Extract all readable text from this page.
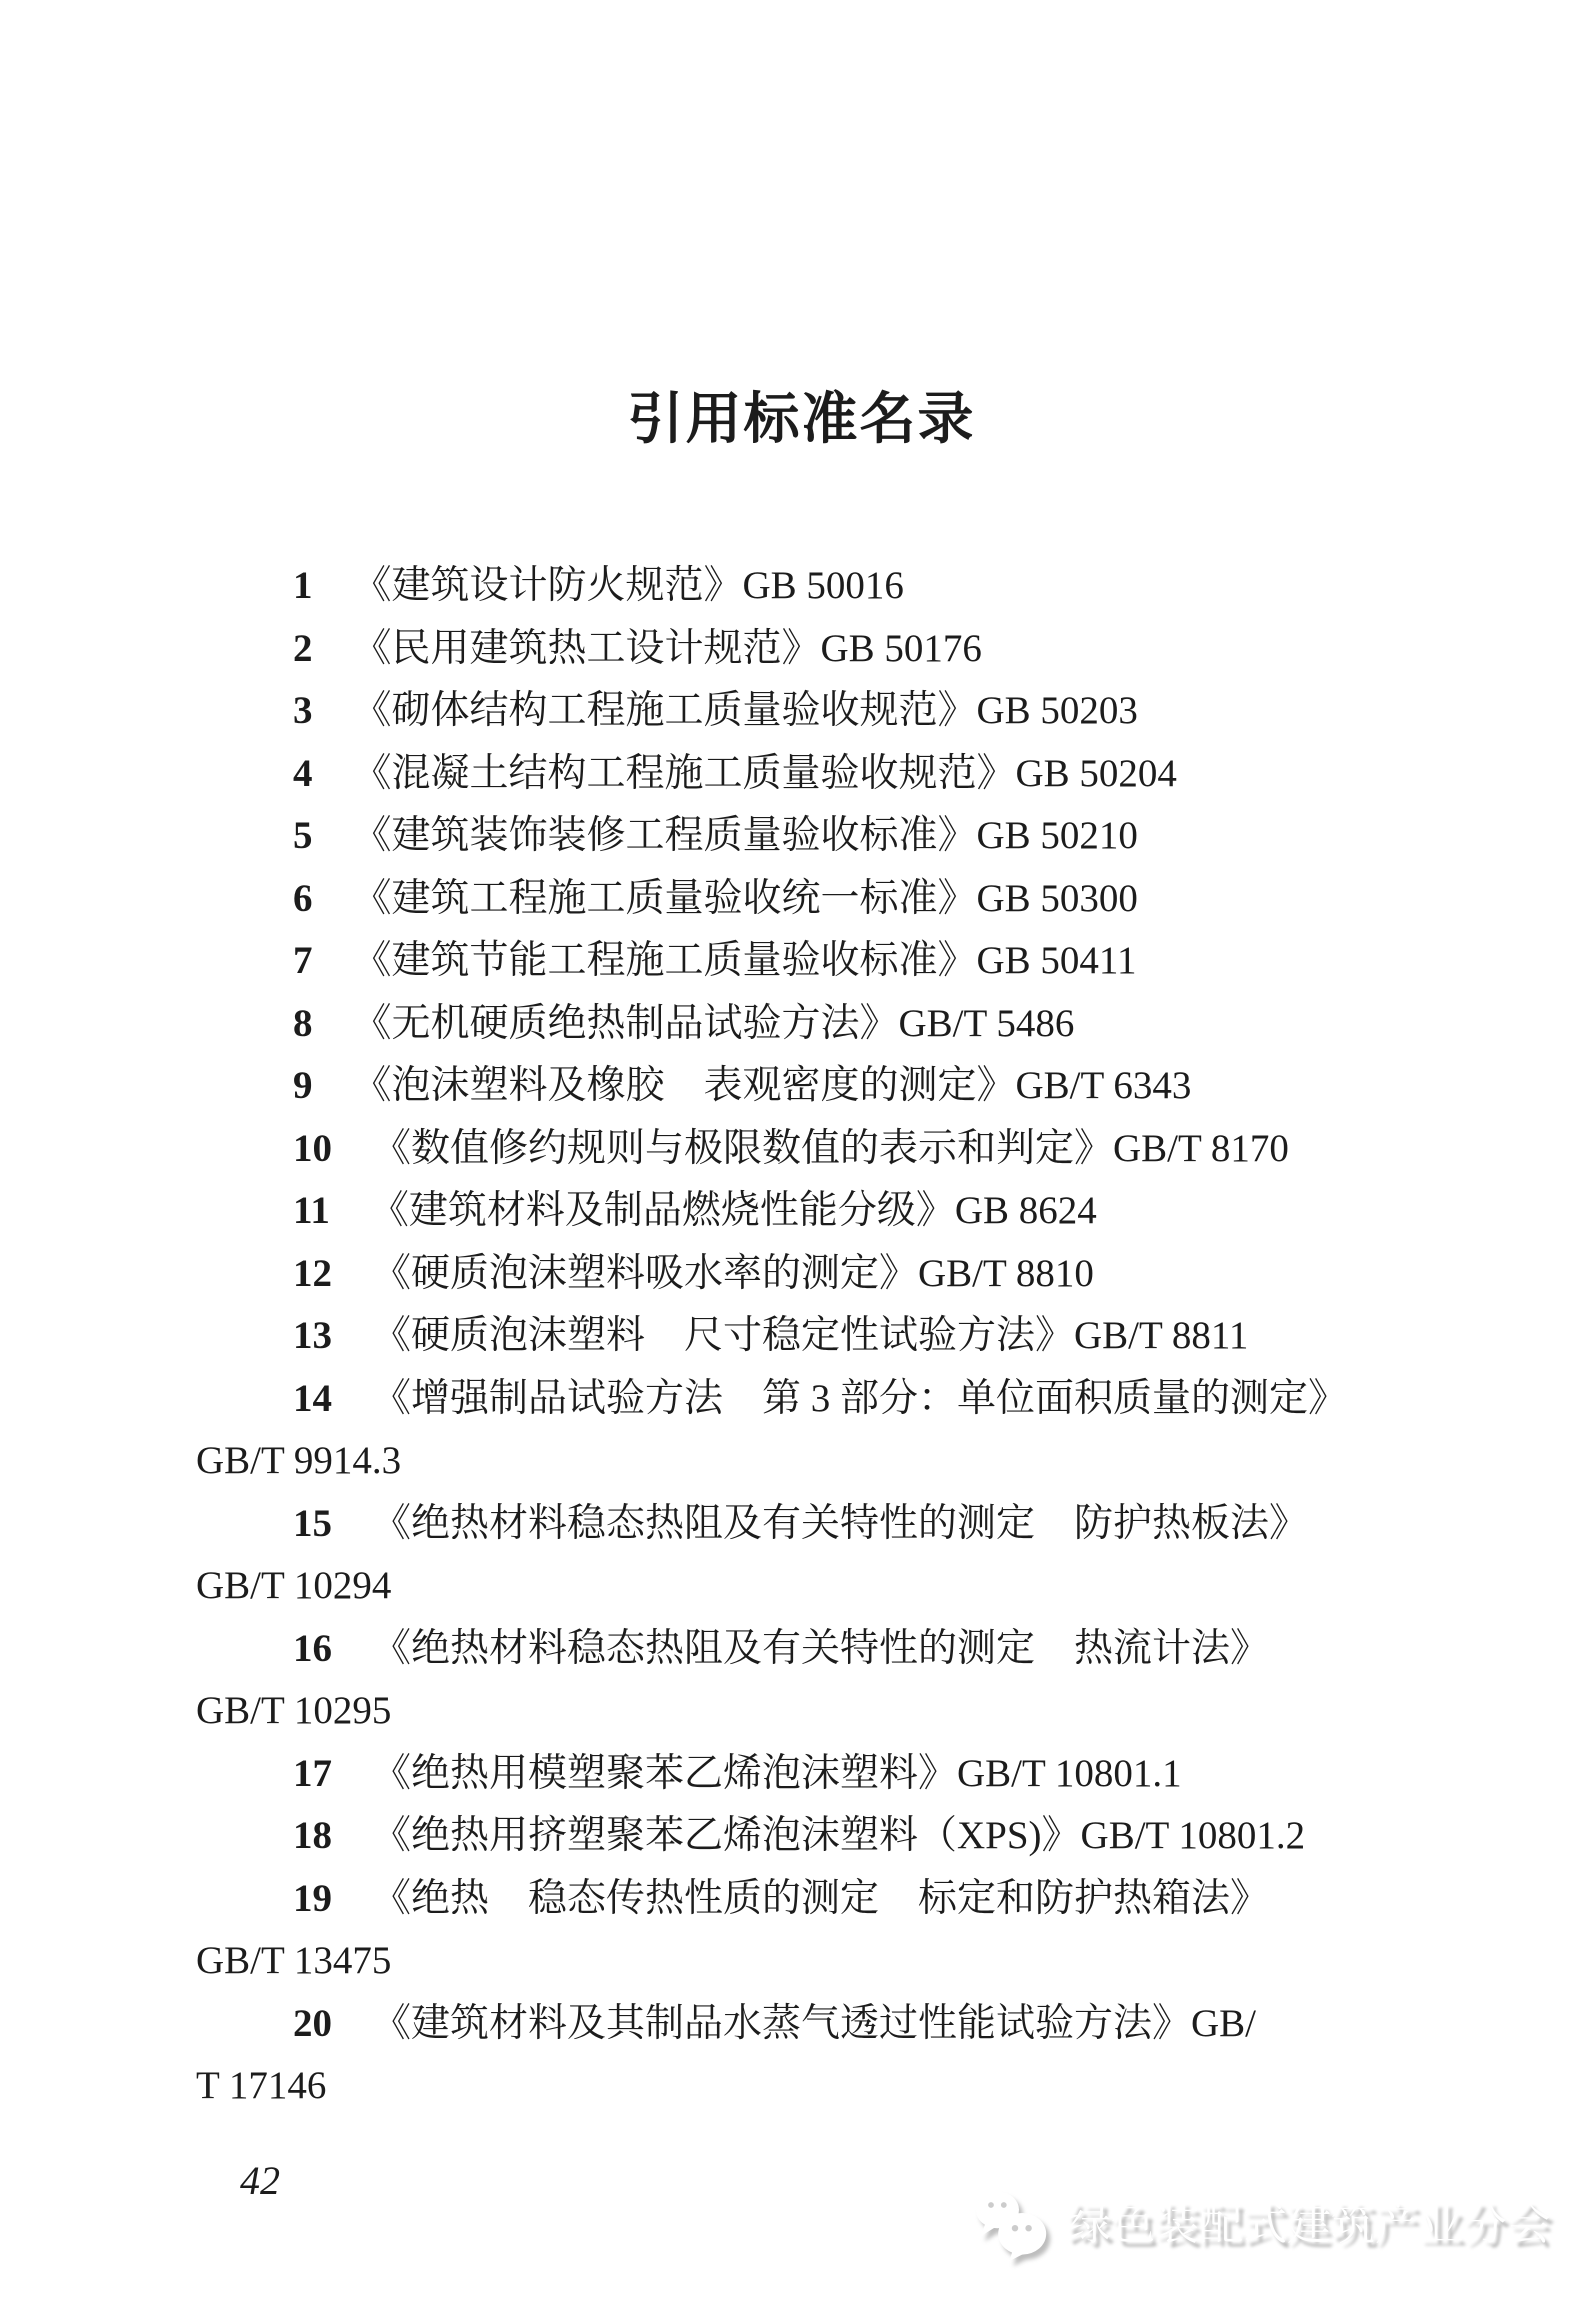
引用标准名录

1 《建筑设计防火规范》GB 50016

2 《民用建筑热工设计规范》GB 50176

3 《砌体结构工程施工质量验收规范》GB 50203

4 《混凝土结构工程施工质量验收规范》GB 50204

5 《建筑装饰装修工程质量验收标准》GB 50210

6 《建筑工程施工质量验收统一标准》GB 50300

7 《建筑节能工程施工质量验收标准》GB 50411

8 《无机硬质绝热制品试验方法》GB/T 5486

9 《泡沫塑料及橡胶　表观密度的测定》GB/T 6343

10 《数值修约规则与极限数值的表示和判定》GB/T 8170

11 《建筑材料及制品燃烧性能分级》GB 8624

12 《硬质泡沫塑料吸水率的测定》GB/T 8810

13 《硬质泡沫塑料　尺寸稳定性试验方法》GB/T 8811

14 《增强制品试验方法　第 3 部分：单位面积质量的测定》

GB/T 9914.3

15 《绝热材料稳态热阻及有关特性的测定　防护热板法》

GB/T 10294

16 《绝热材料稳态热阻及有关特性的测定　热流计法》

GB/T 10295

17 《绝热用模塑聚苯乙烯泡沫塑料》GB/T 10801.1

18 《绝热用挤塑聚苯乙烯泡沫塑料（XPS)》GB/T 10801.2

19 《绝热　稳态传热性质的测定　标定和防护热箱法》

GB/T 13475

20 《建筑材料及其制品水蒸气透过性能试验方法》GB/

T 17146

42

绿色装配式建筑产业分会
